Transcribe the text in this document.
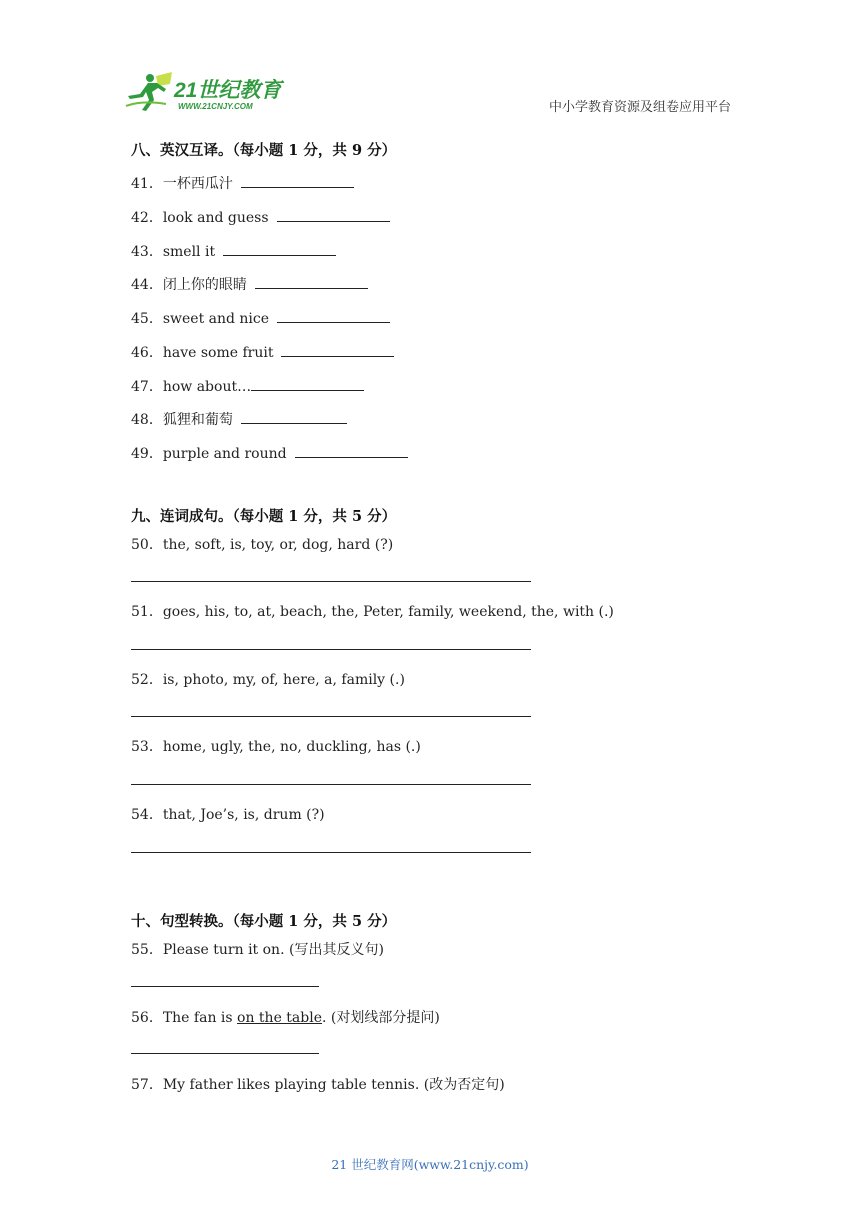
21世纪教育
WWW.21CNJY.COM	中小学教育资源及组卷应用平台
八、英汉互译。（每小题 1 分，共 9 分）
41．一杯西瓜汁
42．look and guess
43．smell it
44．闭上你的眼睛
45．sweet and nice
46．have some fruit
47．how about…
48．狐狸和葡萄
49．purple and round
九、连词成句。（每小题 1 分，共 5 分）
50．the, soft, is, toy, or, dog, hard (?)
51．goes, his, to, at, beach, the, Peter, family, weekend, the, with (.)
52．is, photo, my, of, here, a, family (.)
53．home, ugly, the, no, duckling, has (.)
54．that, Joe’s, is, drum (?)
十、句型转换。（每小题 1 分，共 5 分）
55．Please turn it on. (写出其反义句)
56．The fan is on the table. (对划线部分提问)
57．My father likes playing table tennis. (改为否定句)
21 世纪教育网(www.21cnjy.com)
